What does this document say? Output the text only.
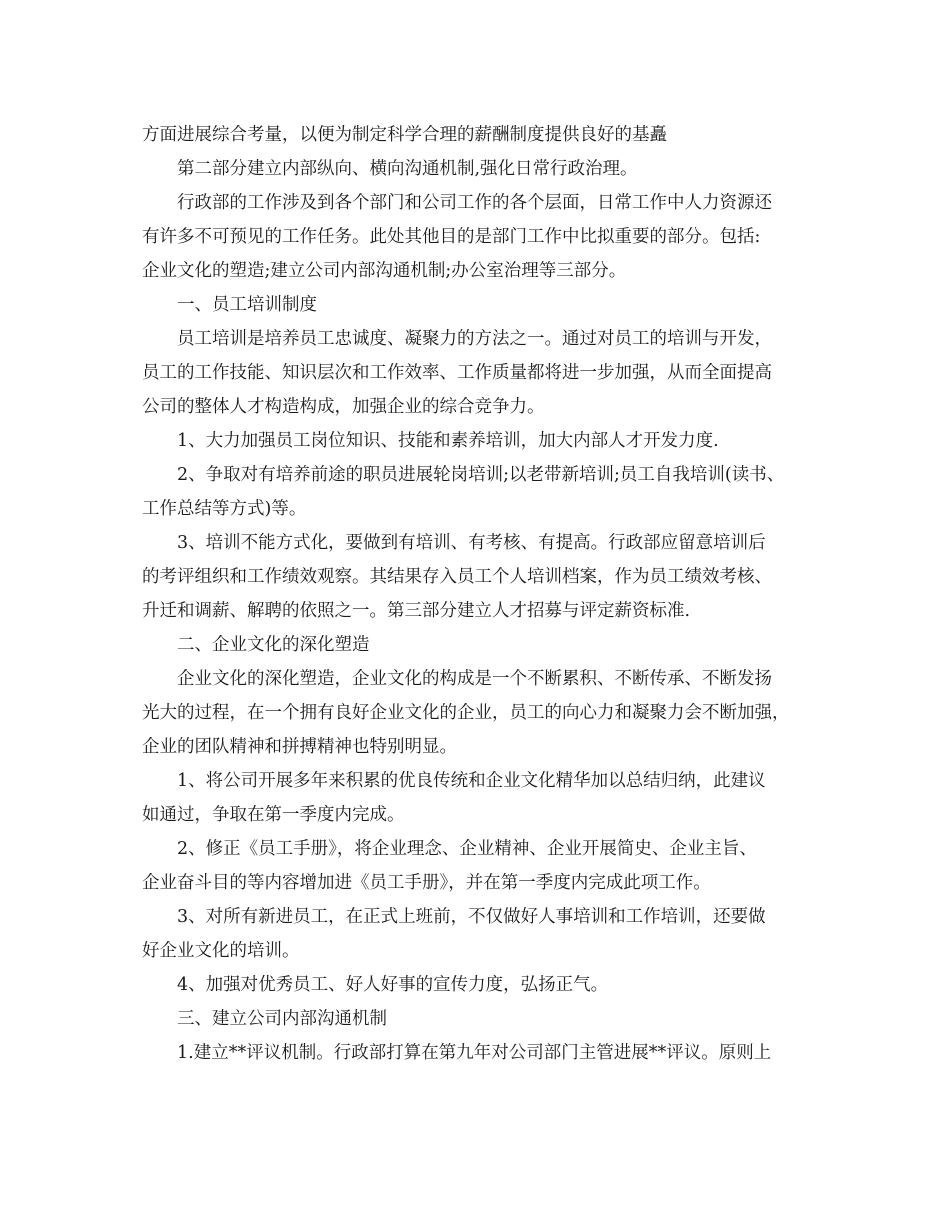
方面进展综合考量，以便为制定科学合理的薪酬制度提供良好的基矗
第二部分建立内部纵向、横向沟通机制,强化日常行政治理。
行政部的工作涉及到各个部门和公司工作的各个层面，日常工作中人力资源还
有许多不可预见的工作任务。此处其他目的是部门工作中比拟重要的部分。包括:
企业文化的塑造;建立公司内部沟通机制;办公室治理等三部分。
一、员工培训制度
员工培训是培养员工忠诚度、凝聚力的方法之一。通过对员工的培训与开发，
员工的工作技能、知识层次和工作效率、工作质量都将进一步加强，从而全面提高
公司的整体人才构造构成，加强企业的综合竞争力。
1、大力加强员工岗位知识、技能和素养培训，加大内部人才开发力度.
2、争取对有培养前途的职员进展轮岗培训;以老带新培训;员工自我培训(读书、
工作总结等方式)等。
3、培训不能方式化，要做到有培训、有考核、有提高。行政部应留意培训后
的考评组织和工作绩效观察。其结果存入员工个人培训档案，作为员工绩效考核、
升迁和调薪、解聘的依照之一。第三部分建立人才招募与评定薪资标准.
二、企业文化的深化塑造
企业文化的深化塑造，企业文化的构成是一个不断累积、不断传承、不断发扬
光大的过程，在一个拥有良好企业文化的企业，员工的向心力和凝聚力会不断加强，
企业的团队精神和拼搏精神也特别明显。
1、将公司开展多年来积累的优良传统和企业文化精华加以总结归纳，此建议
如通过，争取在第一季度内完成。
2、修正《员工手册》，将企业理念、企业精神、企业开展简史、企业主旨、
企业奋斗目的等内容增加进《员工手册》，并在第一季度内完成此项工作。
3、对所有新进员工，在正式上班前，不仅做好人事培训和工作培训，还要做
好企业文化的培训。
4、加强对优秀员工、好人好事的宣传力度，弘扬正气。
三、建立公司内部沟通机制
1.建立**评议机制。行政部打算在第九年对公司部门主管进展**评议。原则上
